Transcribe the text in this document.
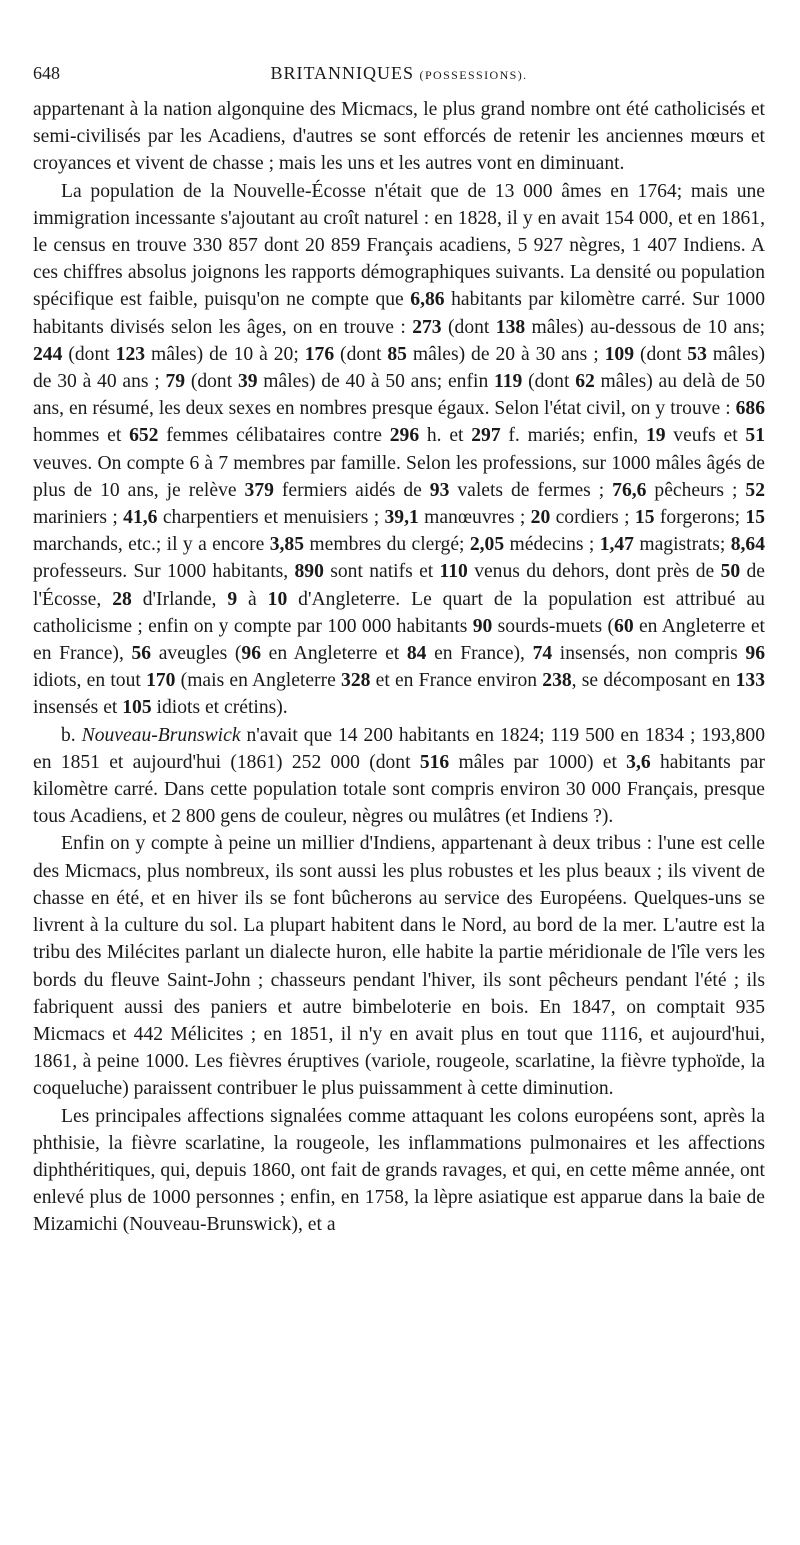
648	BRITANNIQUES (POSSESSIONS).

appartenant à la nation algonquine des Micmacs, le plus grand nombre ont été catholicisés et semi-civilisés par les Acadiens, d'autres se sont efforcés de retenir les anciennes mœurs et croyances et vivent de chasse ; mais les uns et les autres vont en diminuant.

La population de la Nouvelle-Écosse n'était que de 13 000 âmes en 1764; mais une immigration incessante s'ajoutant au croît naturel : en 1828, il y en avait 154 000, et en 1861, le census en trouve 330 857 dont 20 859 Français acadiens, 5 927 nègres, 1 407 Indiens. A ces chiffres absolus joignons les rapports démographiques suivants. La densité ou population spécifique est faible, puisqu'on ne compte que 6,86 habitants par kilomètre carré. Sur 1000 habitants divisés selon les âges, on en trouve : 273 (dont 138 mâles) au-dessous de 10 ans; 244 (dont 123 mâles) de 10 à 20; 176 (dont 85 mâles) de 20 à 30 ans ; 109 (dont 53 mâles) de 30 à 40 ans ; 79 (dont 39 mâles) de 40 à 50 ans; enfin 119 (dont 62 mâles) au delà de 50 ans, en résumé, les deux sexes en nombres presque égaux. Selon l'état civil, on y trouve : 686 hommes et 652 femmes célibataires contre 296 h. et 297 f. mariés; enfin, 19 veufs et 51 veuves. On compte 6 à 7 membres par famille. Selon les professions, sur 1000 mâles âgés de plus de 10 ans, je relève 379 fermiers aidés de 93 valets de fermes ; 76,6 pêcheurs ; 52 mariniers ; 41,6 charpentiers et menuisiers ; 39,1 manœuvres ; 20 cordiers ; 15 forgerons; 15 marchands, etc.; il y a encore 3,85 membres du clergé; 2,05 médecins ; 1,47 magistrats; 8,64 professeurs. Sur 1000 habitants, 890 sont natifs et 110 venus du dehors, dont près de 50 de l'Écosse, 28 d'Irlande, 9 à 10 d'Angleterre. Le quart de la population est attribué au catholicisme ; enfin on y compte par 100 000 habitants 90 sourds-muets (60 en Angleterre et en France), 56 aveugles (96 en Angleterre et 84 en France), 74 insensés, non compris 96 idiots, en tout 170 (mais en Angleterre 328 et en France environ 238, se décomposant en 133 insensés et 105 idiots et crétins).

b. Nouveau-Brunswick n'avait que 14 200 habitants en 1824; 119 500 en 1834 ; 193,800 en 1851 et aujourd'hui (1861) 252 000 (dont 516 mâles par 1000) et 3,6 habitants par kilomètre carré. Dans cette population totale sont compris environ 30 000 Français, presque tous Acadiens, et 2 800 gens de couleur, nègres ou mulâtres (et Indiens ?).

Enfin on y compte à peine un millier d'Indiens, appartenant à deux tribus : l'une est celle des Micmacs, plus nombreux, ils sont aussi les plus robustes et les plus beaux ; ils vivent de chasse en été, et en hiver ils se font bûcherons au service des Européens. Quelques-uns se livrent à la culture du sol. La plupart habitent dans le Nord, au bord de la mer. L'autre est la tribu des Milécites parlant un dialecte huron, elle habite la partie méridionale de l'île vers les bords du fleuve Saint-John ; chasseurs pendant l'hiver, ils sont pêcheurs pendant l'été ; ils fabriquent aussi des paniers et autre bimbeloterie en bois. En 1847, on comptait 935 Micmacs et 442 Mélicites ; en 1851, il n'y en avait plus en tout que 1116, et aujourd'hui, 1861, à peine 1000. Les fièvres éruptives (variole, rougeole, scarlatine, la fièvre typhoïde, la coqueluche) paraissent contribuer le plus puissamment à cette diminution.

Les principales affections signalées comme attaquant les colons européens sont, après la phthisie, la fièvre scarlatine, la rougeole, les inflammations pulmonaires et les affections diphthéritiques, qui, depuis 1860, ont fait de grands ravages, et qui, en cette même année, ont enlevé plus de 1000 personnes ; enfin, en 1758, la lèpre asiatique est apparue dans la baie de Mizamichi (Nouveau-Brunswick), et a
